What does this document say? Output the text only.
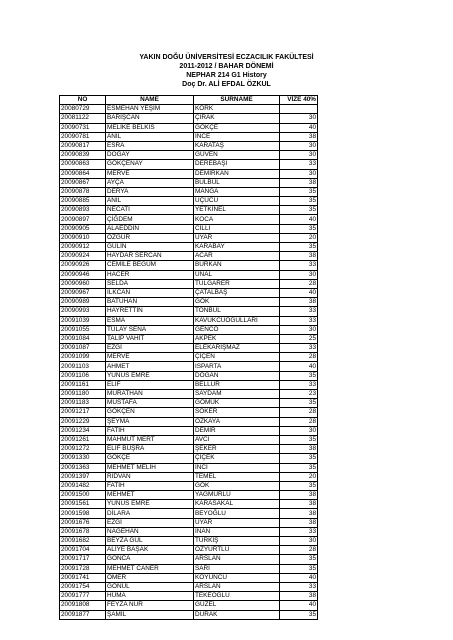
YAKIN DOĞU ÜNİVERSİTESİ ECZACILIK FAKÜLTESİ
2011-2012 / BAHAR DÖNEMİ
NEPHAR 214 G1 History
Doç Dr. ALİ EFDAL ÖZKUL
NO	NAME	SURNAME	VİZE 40%
20080729	ESMEHAN YEŞİM	KÖRK	
20081122	BARIŞCAN	ÇIRAK	30
20090731	MELİKE BELKIS	GÖKÇE	40
20090781	ANIL	İNCE	38
20090817	ESRA	KARATAŞ	30
20090839	DOĞAY	GÜVEN	30
20090863	GÖKÇENAY	DEREBAŞI	33
20090864	MERVE	DEMİRKAN	30
20090867	AYÇA	BULBÜL	38
20090878	DERYA	MANGA	35
20090885	ANIL	UÇUCU	35
20090893	NECATİ	YETKİNEL	35
20090897	ÇİĞDEM	KOCA	40
20090905	ALAEDDİN	CİLLİ	35
20090910	ÖZGÜR	UYAR	20
20090912	GÜLİN	KARABAY	35
20090924	HAYDAR SERCAN	ACAR	38
20090926	CEMİLE BEGÜM	BURKAN	33
20090946	HACER	ÜNAL	30
20090960	SELDA	TULGARER	28
20090967	İLKCAN	ÇATALBAŞ	40
20090989	BATUHAN	GÖK	38
20090993	HAYRETTİN	TONBUL	33
20091039	ESMA	KAVUKCUOĞULLARI	33
20091055	TÜLAY SENA	GENCO	30
20091084	TALİP VAHİT	AKPEK	25
20091087	EZGİ	ELEKARIŞMAZ	33
20091099	MERVE	ÇİÇEN	28
20091103	AHMET	ISPARTA	40
20091106	YUNUS EMRE	DOĞAN	35
20091161	ELİF	BELLUR	33
20091180	MURATHAN	SAYDAM	23
20091183	MUSTAFA	GÖMÜK	35
20091217	GÖKÇEN	SÖKER	28
20091229	ŞEYMA	ÖZKAYA	28
20091234	FATİH	DEMİR	30
20091261	MAHMUT MERT	AVCI	35
20091272	ELİF BÜŞRA	ŞEKER	38
20091330	GÖKÇE	ÇİÇEK	35
20091363	MEHMET MELİH	İNCİ	35
20091397	RIDVAN	TEMEL	20
20091482	FATİH	GÖK	35
20091500	MEHMET	YAĞMURLU	38
20091561	YUNUS EMRE	KARASAKAL	38
20091598	DİLARA	BEYOĞLU	38
20091676	EZGİ	UYAR	38
20091678	NAGEHAN	İNAN	33
20091682	BEYZA GÜL	TÜRKİŞ	30
20091704	ALİYE BAŞAK	ÖZYURTLU	28
20091717	GONCA	ARSLAN	35
20091728	MEHMET CANER	SARI	35
20091741	ÖMER	KOYUNCU	40
20091754	GÖNÜL	ARSLAN	33
20091777	HÜMA	TEKEOĞLU	38
20091808	FEYZA NUR	GÜZEL	40
20091877	ŞAMİL	DURAK	35
